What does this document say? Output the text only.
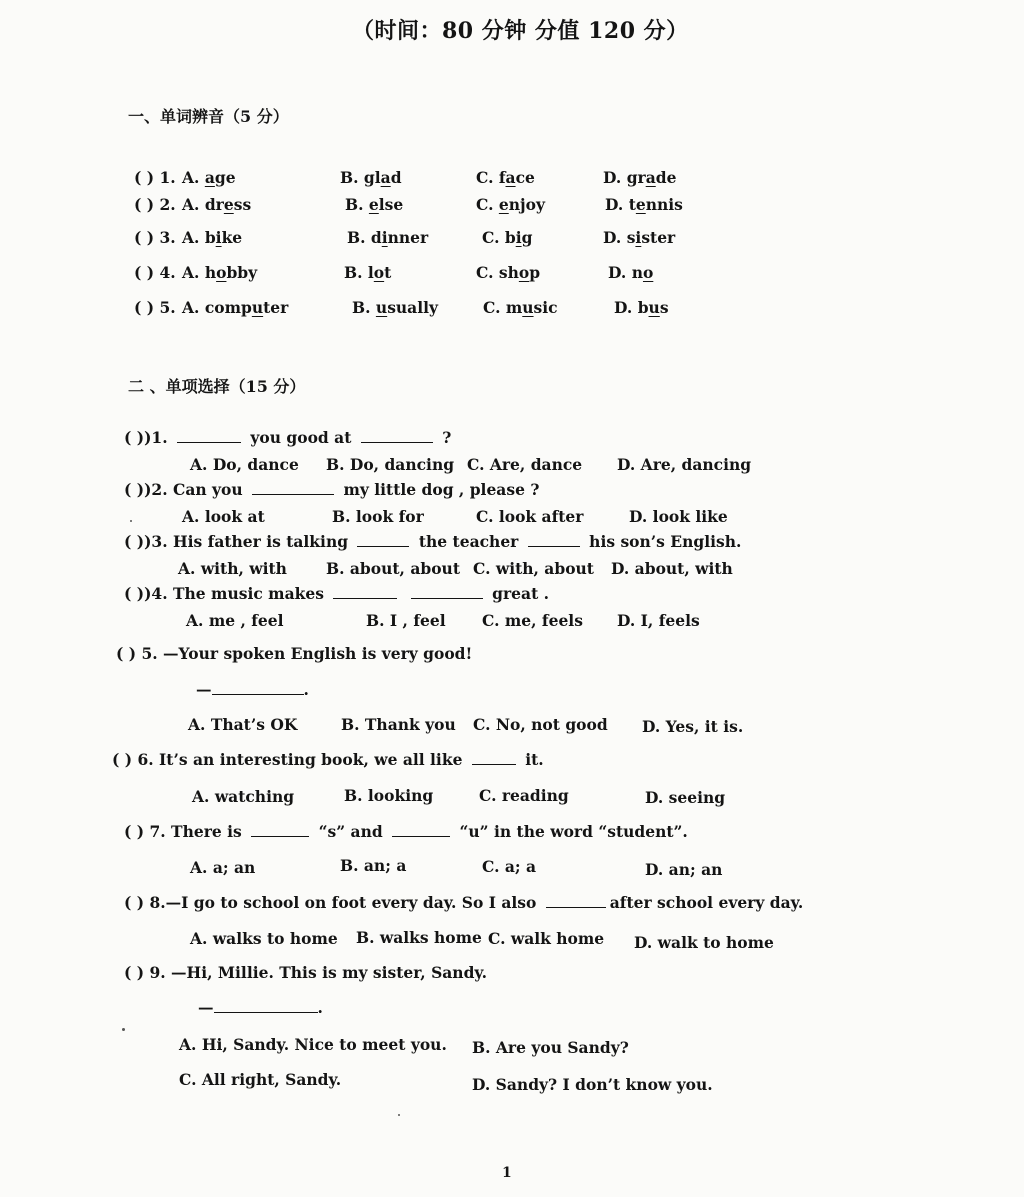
（时间：80 分钟 分值 120 分）
一、单词辨音（5 分）
( ) 1. A. age	B. glad	C. face	D. grade
( ) 2. A. dress	B. else	C. enjoy	D. tennis
( ) 3. A. bike	B. dinner	C. big	D. sister
( ) 4. A. hobby	B. lot	C. shop	D. no
( ) 5. A. computer	B. usually	C. music	D. bus
二 、单项选择（15 分）
( ))1.	you good at	?
A. Do, dance B. Do, dancing C. Are, dance D. Are, dancing
( ))2. Can you	my little dog , please ?
A. look at	B. look for	C. look after	D. look like
( ))3. His father is talking	the teacher	his son’s English.
A. with, with	B. about, about C. with, about D. about, with
( ))4. The music makes	great .
A. me , feel	B. I , feel C. me, feels D. I, feels
( ) 5. —Your spoken English is very good!
—	.
A. That’s OK	B. Thank you C. No, not good D. Yes, it is.
( ) 6. It’s an interesting book, we all like	it.
A. watching	B. looking	C. reading	D. seeing
( ) 7. There is	“s” and	“u” in the word “student”.
A. a; an	B. an; a	C. a; a	D. an; an
( ) 8.—I go to school on foot every day. So I also	after school every day.
A. walks to home B. walks home C. walk home D. walk to home
( ) 9. —Hi, Millie. This is my sister, Sandy.
—	.
A. Hi, Sandy. Nice to meet you. B. Are you Sandy?
C. All right, Sandy.	D. Sandy? I don’t know you.
1
